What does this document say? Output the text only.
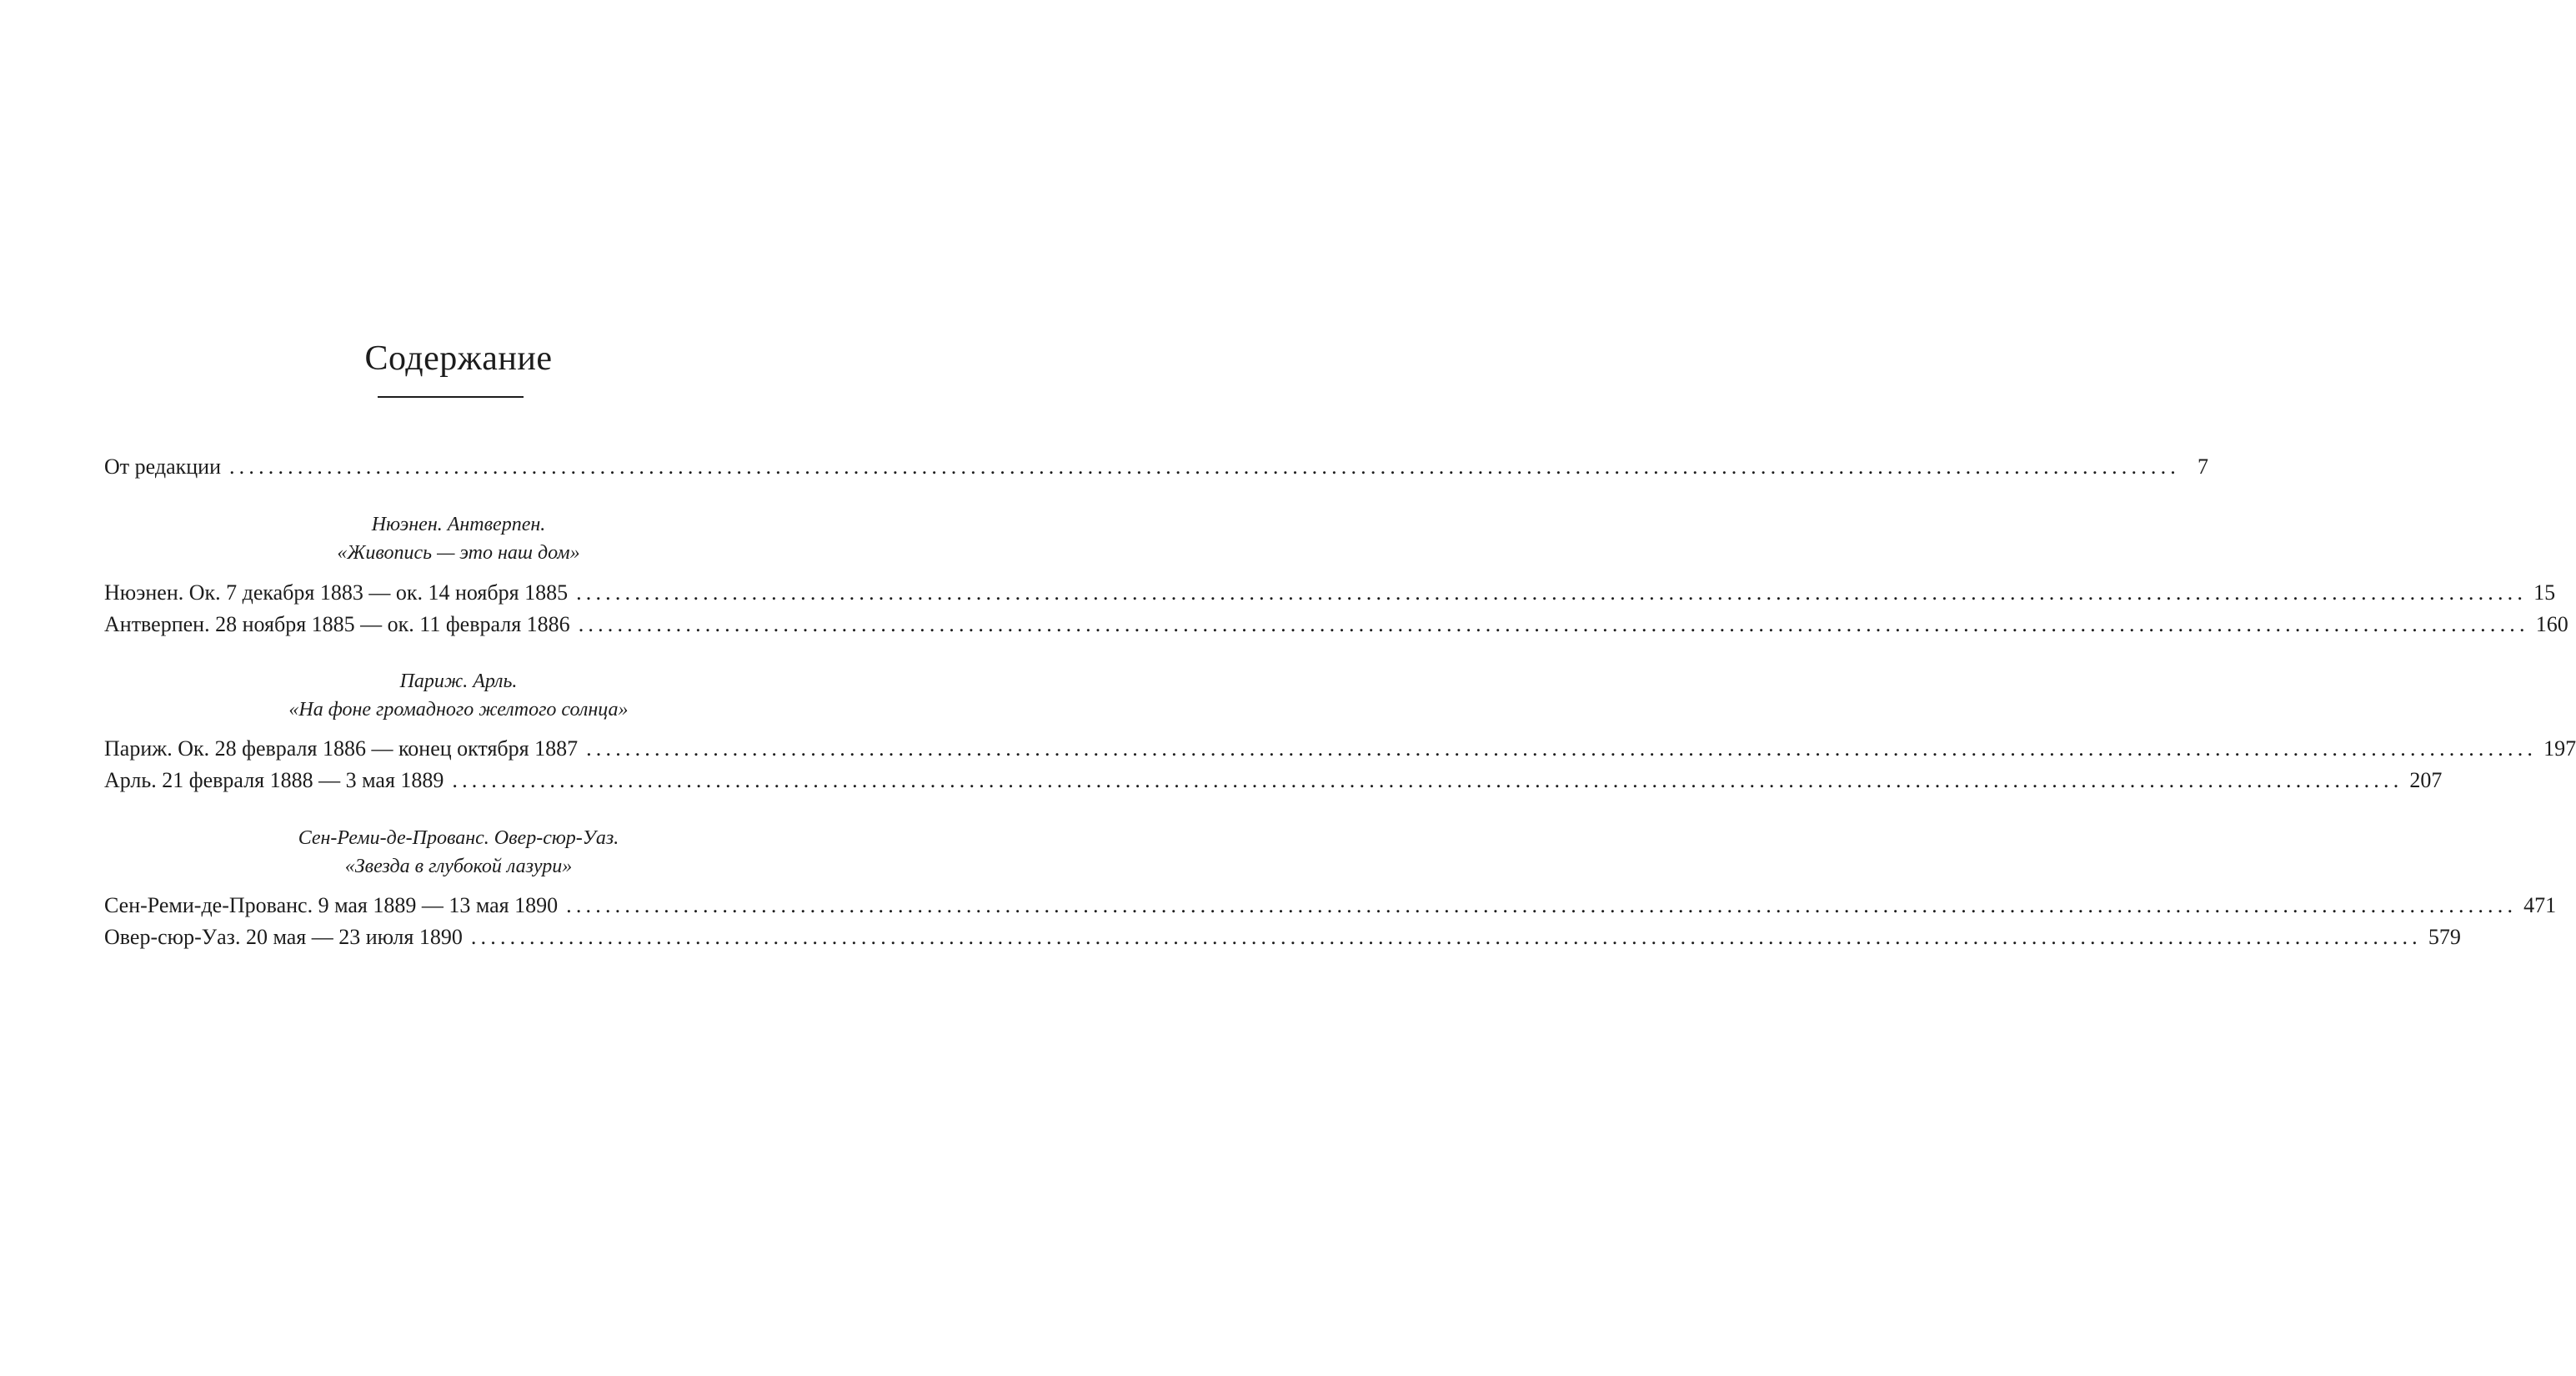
Содержание
От редакции ........................................................................................................................................................................................................ 7
Нюэнен. Антверпен.
«Живопись — это наш дом»
Нюэнен. Ок. 7 декабря 1883 — ок. 14 ноября 1885 ........................................................................................................................................................................................................ 15
Антверпен. 28 ноября 1885 — ок. 11 февраля 1886 ........................................................................................................................................................................................................ 160
Париж. Арль.
«На фоне громадного желтого солнца»
Париж. Ок. 28 февраля 1886 — конец октября 1887 ........................................................................................................................................................................................................ 197
Арль. 21 февраля 1888 — 3 мая 1889 ........................................................................................................................................................................................................ 207
Сен-Реми-де-Прованс. Овер-сюр-Уаз.
«Звезда в глубокой лазури»
Сен-Реми-де-Прованс. 9 мая 1889 — 13 мая 1890 ........................................................................................................................................................................................................ 471
Овер-сюр-Уаз. 20 мая — 23 июля 1890 ........................................................................................................................................................................................................ 579
